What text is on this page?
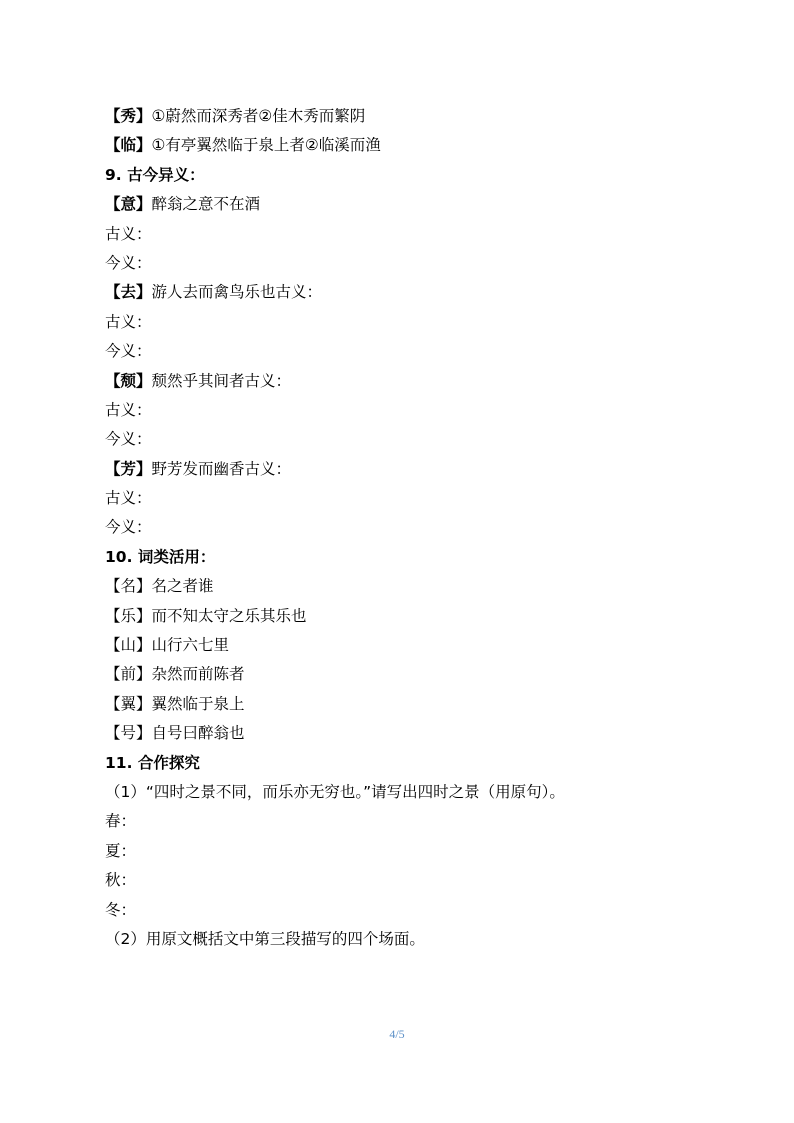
【秀】①蔚然而深秀者②佳木秀而繁阴
【临】①有亭翼然临于泉上者②临溪而渔
9. 古今异义：
【意】醉翁之意不在酒
古义：
今义：
【去】游人去而禽鸟乐也古义：
古义：
今义：
【颓】颓然乎其间者古义：
古义：
今义：
【芳】野芳发而幽香古义：
古义：
今义：
10. 词类活用：
【名】名之者谁
【乐】而不知太守之乐其乐也
【山】山行六七里
【前】杂然而前陈者
【翼】翼然临于泉上
【号】自号曰醉翁也
11. 合作探究
（1）“四时之景不同，而乐亦无穷也。”请写出四时之景（用原句）。
春：
夏：
秋：
冬：
（2）用原文概括文中第三段描写的四个场面。
4/5
